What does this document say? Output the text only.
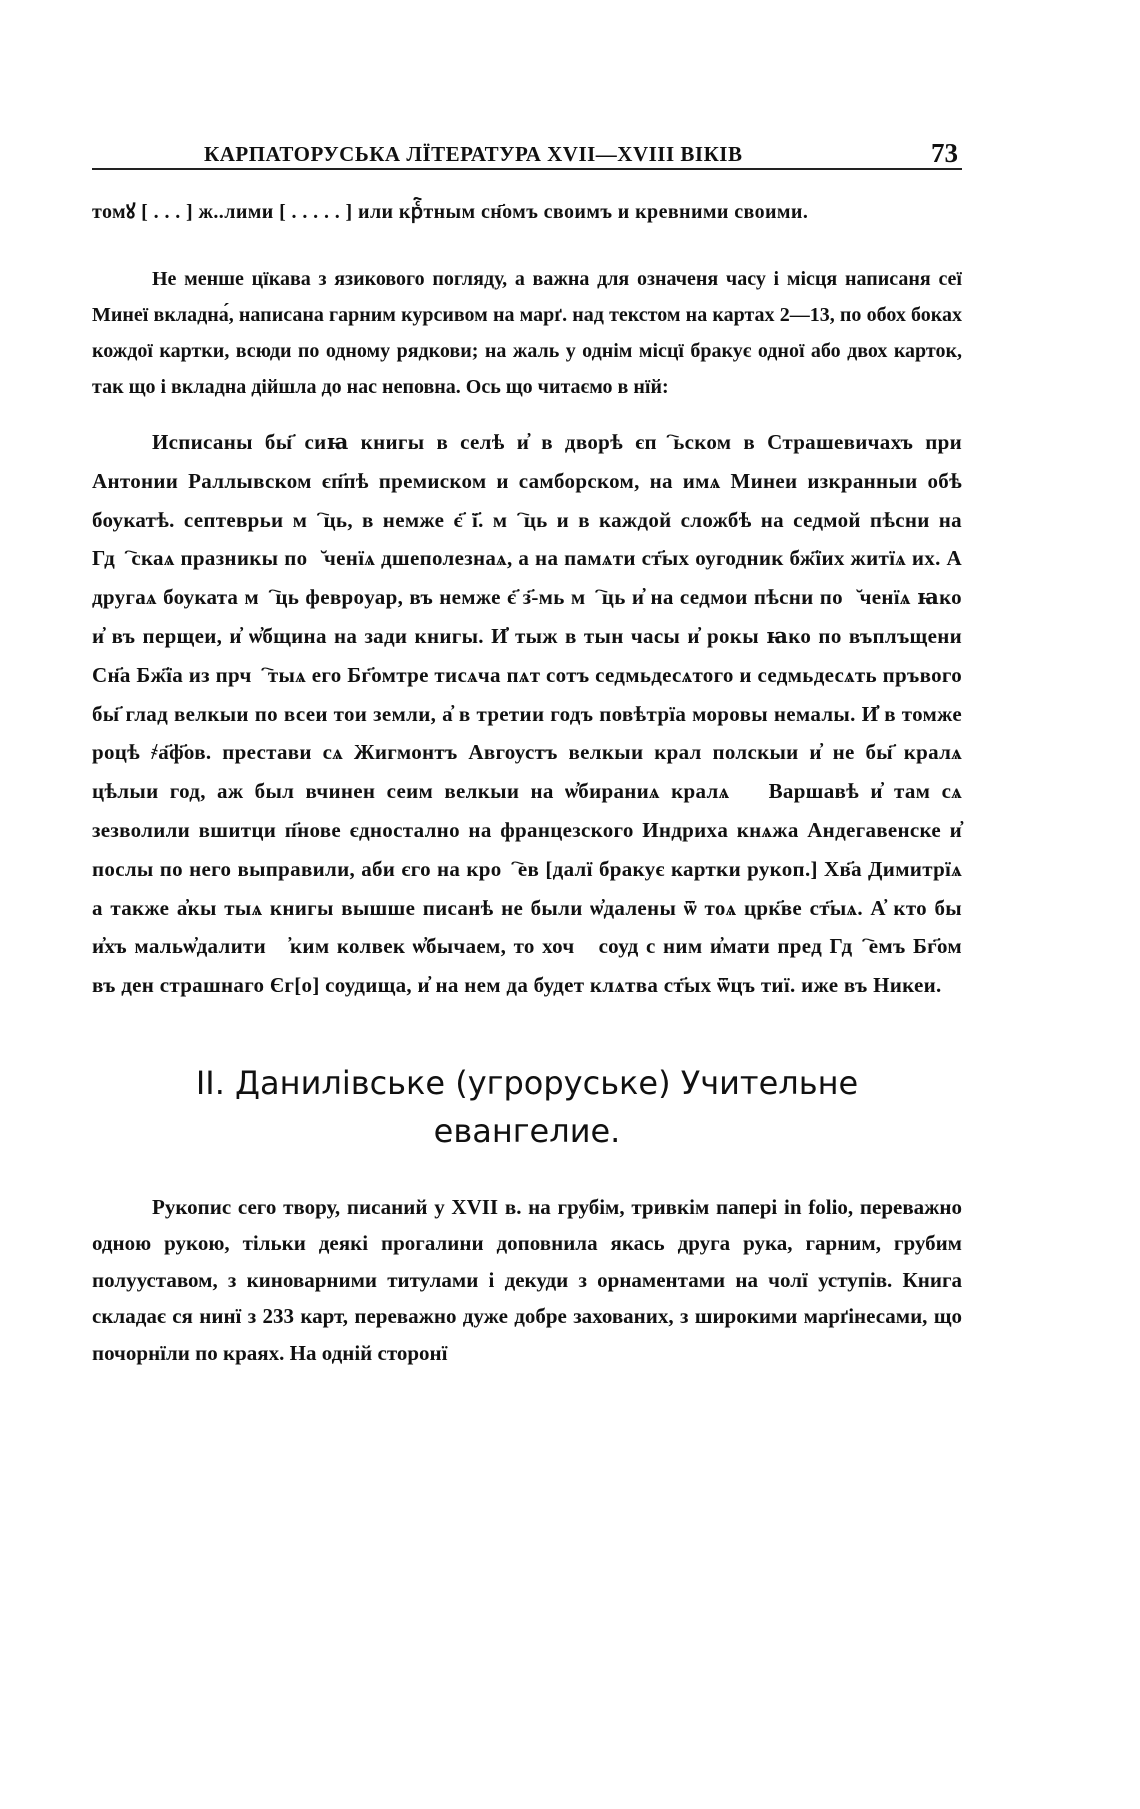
КАРПАТОРУСЬКА ЛЇТЕРАТУРА XVII—XVIII ВІКІВ	73

томꙋ [ . . . ] ж..лими [ . . . . . ] или крⷭ҇тным сн҃омъ своимъ и кревними своими.

Не менше цїкава з язикового погляду, а важна для означеня часу і місця написаня сеї Минеї вкладна́, написана гарним курсивом на марґ. над текстом на картах 2—13, по обох боках кождої картки, всюди по одному рядкови; на жаль у однім місцї бракує одної або двох карток, так що і вкладна дійшла до нас неповна. Ось що читаємо в нїй:

Исписаны бы҃ сиꙗ книгы в селѣ и҆ в дворѣ єпⷭ҇ьском в Стрaшевичахъ при Антонии Раллывском єп҃пѣ премиском и самборском, на имѧ Минеи изкранныи обѣ боукатѣ. септеврьи мⷭ҇ць, в немже є҃ ї҃. мⷭ҇ць и в каждой сложбѣ на седмой пѣсни на Гдⷭ҇скаѧ празникы поꙋ̆ченїѧ дшеполезнаѧ, а на памѧти ст҃ых оугодник бж҃їих житїѧ их. А другаѧ боукатa мⷭ҇ць феврoуар, въ немже є҃ з҃-мь мⷭ҇ць и҆ на седмои пѣсни поꙋ̆ченїѧ ꙗко и҆ въ перщеи, и҆ ѡ҆бщина на зади книгы. И҆ тыж в тын часы и҆ рокы ꙗко по въплъщени Сн҃а Бж҃їа из прчⷭ҇тыѧ его Бг҃омтре тисѧча пѧт сотъ седмьдесѧтого и седмьдесѧть пръвого бы҃ глад велкыи по всеи тои земли, а҆ в третии годъ повѣтрїа моровы немалы. И҆ в томже роцѣ ҂а҃ф҃ов. престави сѧ Жигмонтъ Авгоустъ велкыи крал полскыи и҆ не бы҃ кралѧ цѣлыи год, аж был вчинен сеим велкыи на ѡ҆бираниѧ кралѧ ꙋ Варшавѣ и҆ там сѧ зезволили вшитци п҃нове єдностално на францезского Индрихa кнѧжa Андегавенске и҆ послы по него выправили, аби єго на кроⷧ҇ев [далї бракує картки рукоп.] Хв҃а Димитрїѧ а также а҆кы тыѧ книгы вышше писанѣ не были ѡ҆далены ѿ тоѧ црк҃ве ст҃ыѧ. А҆ кто бы и҆хъ мальѡ҆далити ꙗ҆ким колвек ѡ҆бычаем, то хочꙋ соуд с ним и҆мати пред Гдⷭ҇емъ Бг҃ом въ ден страшнаго Єг[о] соудищa, и҆ на нем да будет клѧтва ст҃ых ѿцъ тиї. иже въ Никеи.

II. Данилівське (угроруське) Учительне
евангелие.

Рукопис сего твору, писаний у XVII в. на грубім, тривкім папері in folio, переважно одною рукою, тільки деякі прогалини доповнила якась друга рука, гарним, грубим полууставом, з киноварними титулами і декуди з орнаментами на чолї уступів. Книга складає ся нинї з 233 карт, переважно дуже добре захованих, з широкими марґінесами, що почорнїли по краях. На одній сторонї
